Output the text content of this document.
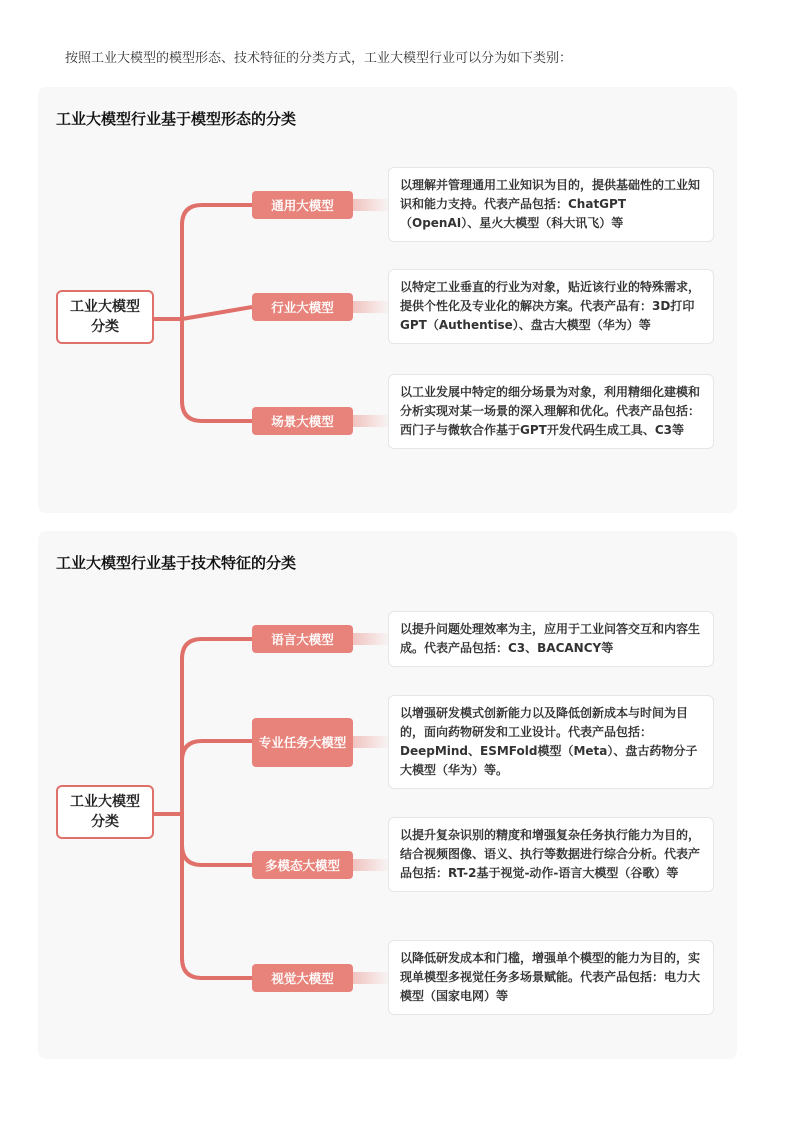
按照工业大模型的模型形态、技术特征的分类方式，工业大模型行业可以分为如下类别：
工业大模型行业基于模型形态的分类
工业大模型分类
通用大模型
以理解并管理通用工业知识为目的，提供基础性的工业知识和能力支持。代表产品包括：ChatGPT（OpenAI）、星火大模型（科大讯飞）等
行业大模型
以特定工业垂直的行业为对象，贴近该行业的特殊需求，提供个性化及专业化的解决方案。代表产品有：3D打印GPT（Authentise）、盘古大模型（华为）等
场景大模型
以工业发展中特定的细分场景为对象，利用精细化建模和分析实现对某一场景的深入理解和优化。代表产品包括：西门子与微软合作基于GPT开发代码生成工具、C3等
工业大模型行业基于技术特征的分类
工业大模型分类
语言大模型
以提升问题处理效率为主，应用于工业问答交互和内容生成。代表产品包括：C3、BACANCY等
专业任务大模型
以增强研发模式创新能力以及降低创新成本与时间为目的，面向药物研发和工业设计。代表产品包括：DeepMind、ESMFold模型（Meta）、盘古药物分子大模型（华为）等。
多模态大模型
以提升复杂识别的精度和增强复杂任务执行能力为目的，结合视频图像、语义、执行等数据进行综合分析。代表产品包括：RT-2基于视觉-动作-语言大模型（谷歌）等
视觉大模型
以降低研发成本和门槛，增强单个模型的能力为目的，实现单模型多视觉任务多场景赋能。代表产品包括：电力大模型（国家电网）等
